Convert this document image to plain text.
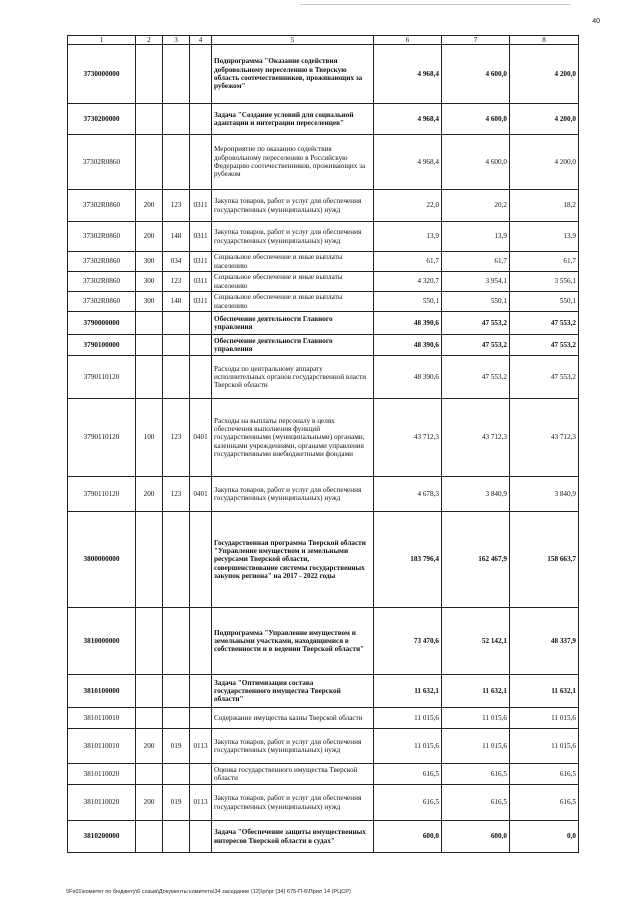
40
1	2	3	4	5	6	7	8
3730000000				Подпрограмма "Оказание содействия добровольному переселению в Тверскую область соотечественников, проживающих за рубежом"	4 968,4	4 600,0	4 200,0
3730200000				Задача "Создание условий для социальной адаптации и интеграции переселенцев"	4 968,4	4 600,0	4 200,0
37302R0860				Мероприятие по оказанию содействия добровольному переселению в Российскую Федерацию соотечественников, проживающих за рубежом	4 968,4	4 600,0	4 200,0
37302R0860	200	123	0311	Закупка товаров, работ и услуг для обеспечения государственных (муниципальных) нужд	22,0	20,2	18,2
37302R0860	200	148	0311	Закупка товаров, работ и услуг для обеспечения государственных (муниципальных) нужд	13,9	13,9	13,9
37302R0860	300	034	0311	Социальное обеспечение и иные выплаты населению	61,7	61,7	61,7
37302R0860	300	123	0311	Социальное обеспечение и иные выплаты населению	4 320,7	3 954,1	3 556,1
37302R0860	300	148	0311	Социальное обеспечение и иные выплаты населению	550,1	550,1	550,1
3790000000				Обеспечение деятельности Главного управления	48 390,6	47 553,2	47 553,2
3790100000				Обеспечение деятельности Главного управления	48 390,6	47 553,2	47 553,2
3790110120				Расходы по центральному аппарату исполнительных органов государственной власти Тверской области	48 390,6	47 553,2	47 553,2
3790110120	100	123	0401	Расходы на выплаты персоналу в целях обеспечения выполнения функций государственными (муниципальными) органами, казенными учреждениями, органами управления государственными внебюджетными фондами	43 712,3	43 712,3	43 712,3
3790110120	200	123	0401	Закупка товаров, работ и услуг для обеспечения государственных (муниципальных) нужд	4 678,3	3 840,9	3 840,9
3800000000				Государственная программа Тверской области "Управление имуществом и земельными ресурсами Тверской области, совершенствование системы государственных закупок региона" на 2017 - 2022 годы	183 796,4	162 467,9	158 663,7
3810000000				Подпрограмма "Управление имуществом и земельными участками, находящимися в собственности и в ведении Тверской области"	73 470,6	52 142,1	48 337,9
3810100000				Задача "Оптимизация состава государственного имущества Тверской области"	11 632,1	11 632,1	11 632,1
3810110010				Содержание имущества казны Тверской области	11 015,6	11 015,6	11 015,6
3810110010	200	019	0113	Закупка товаров, работ и услуг для обеспечения государственных (муниципальных) нужд	11 015,6	11 015,6	11 015,6
3810110020				Оценка государственного имущества Тверской области	616,5	616,5	616,5
3810110020	200	019	0113	Закупка товаров, работ и услуг для обеспечения государственных (муниципальных) нужд	616,5	616,5	616,5
3810200000				Задача "Обеспечение защиты имущественных интересов Тверской области в судах"	600,0	600,0	0,0
\\Fs01\комитет по бюджету\6 созыв\Документы комитета\34 заседание (12)\pr\pr (34) 675-П-6\Прил 14 (РЦСР)
